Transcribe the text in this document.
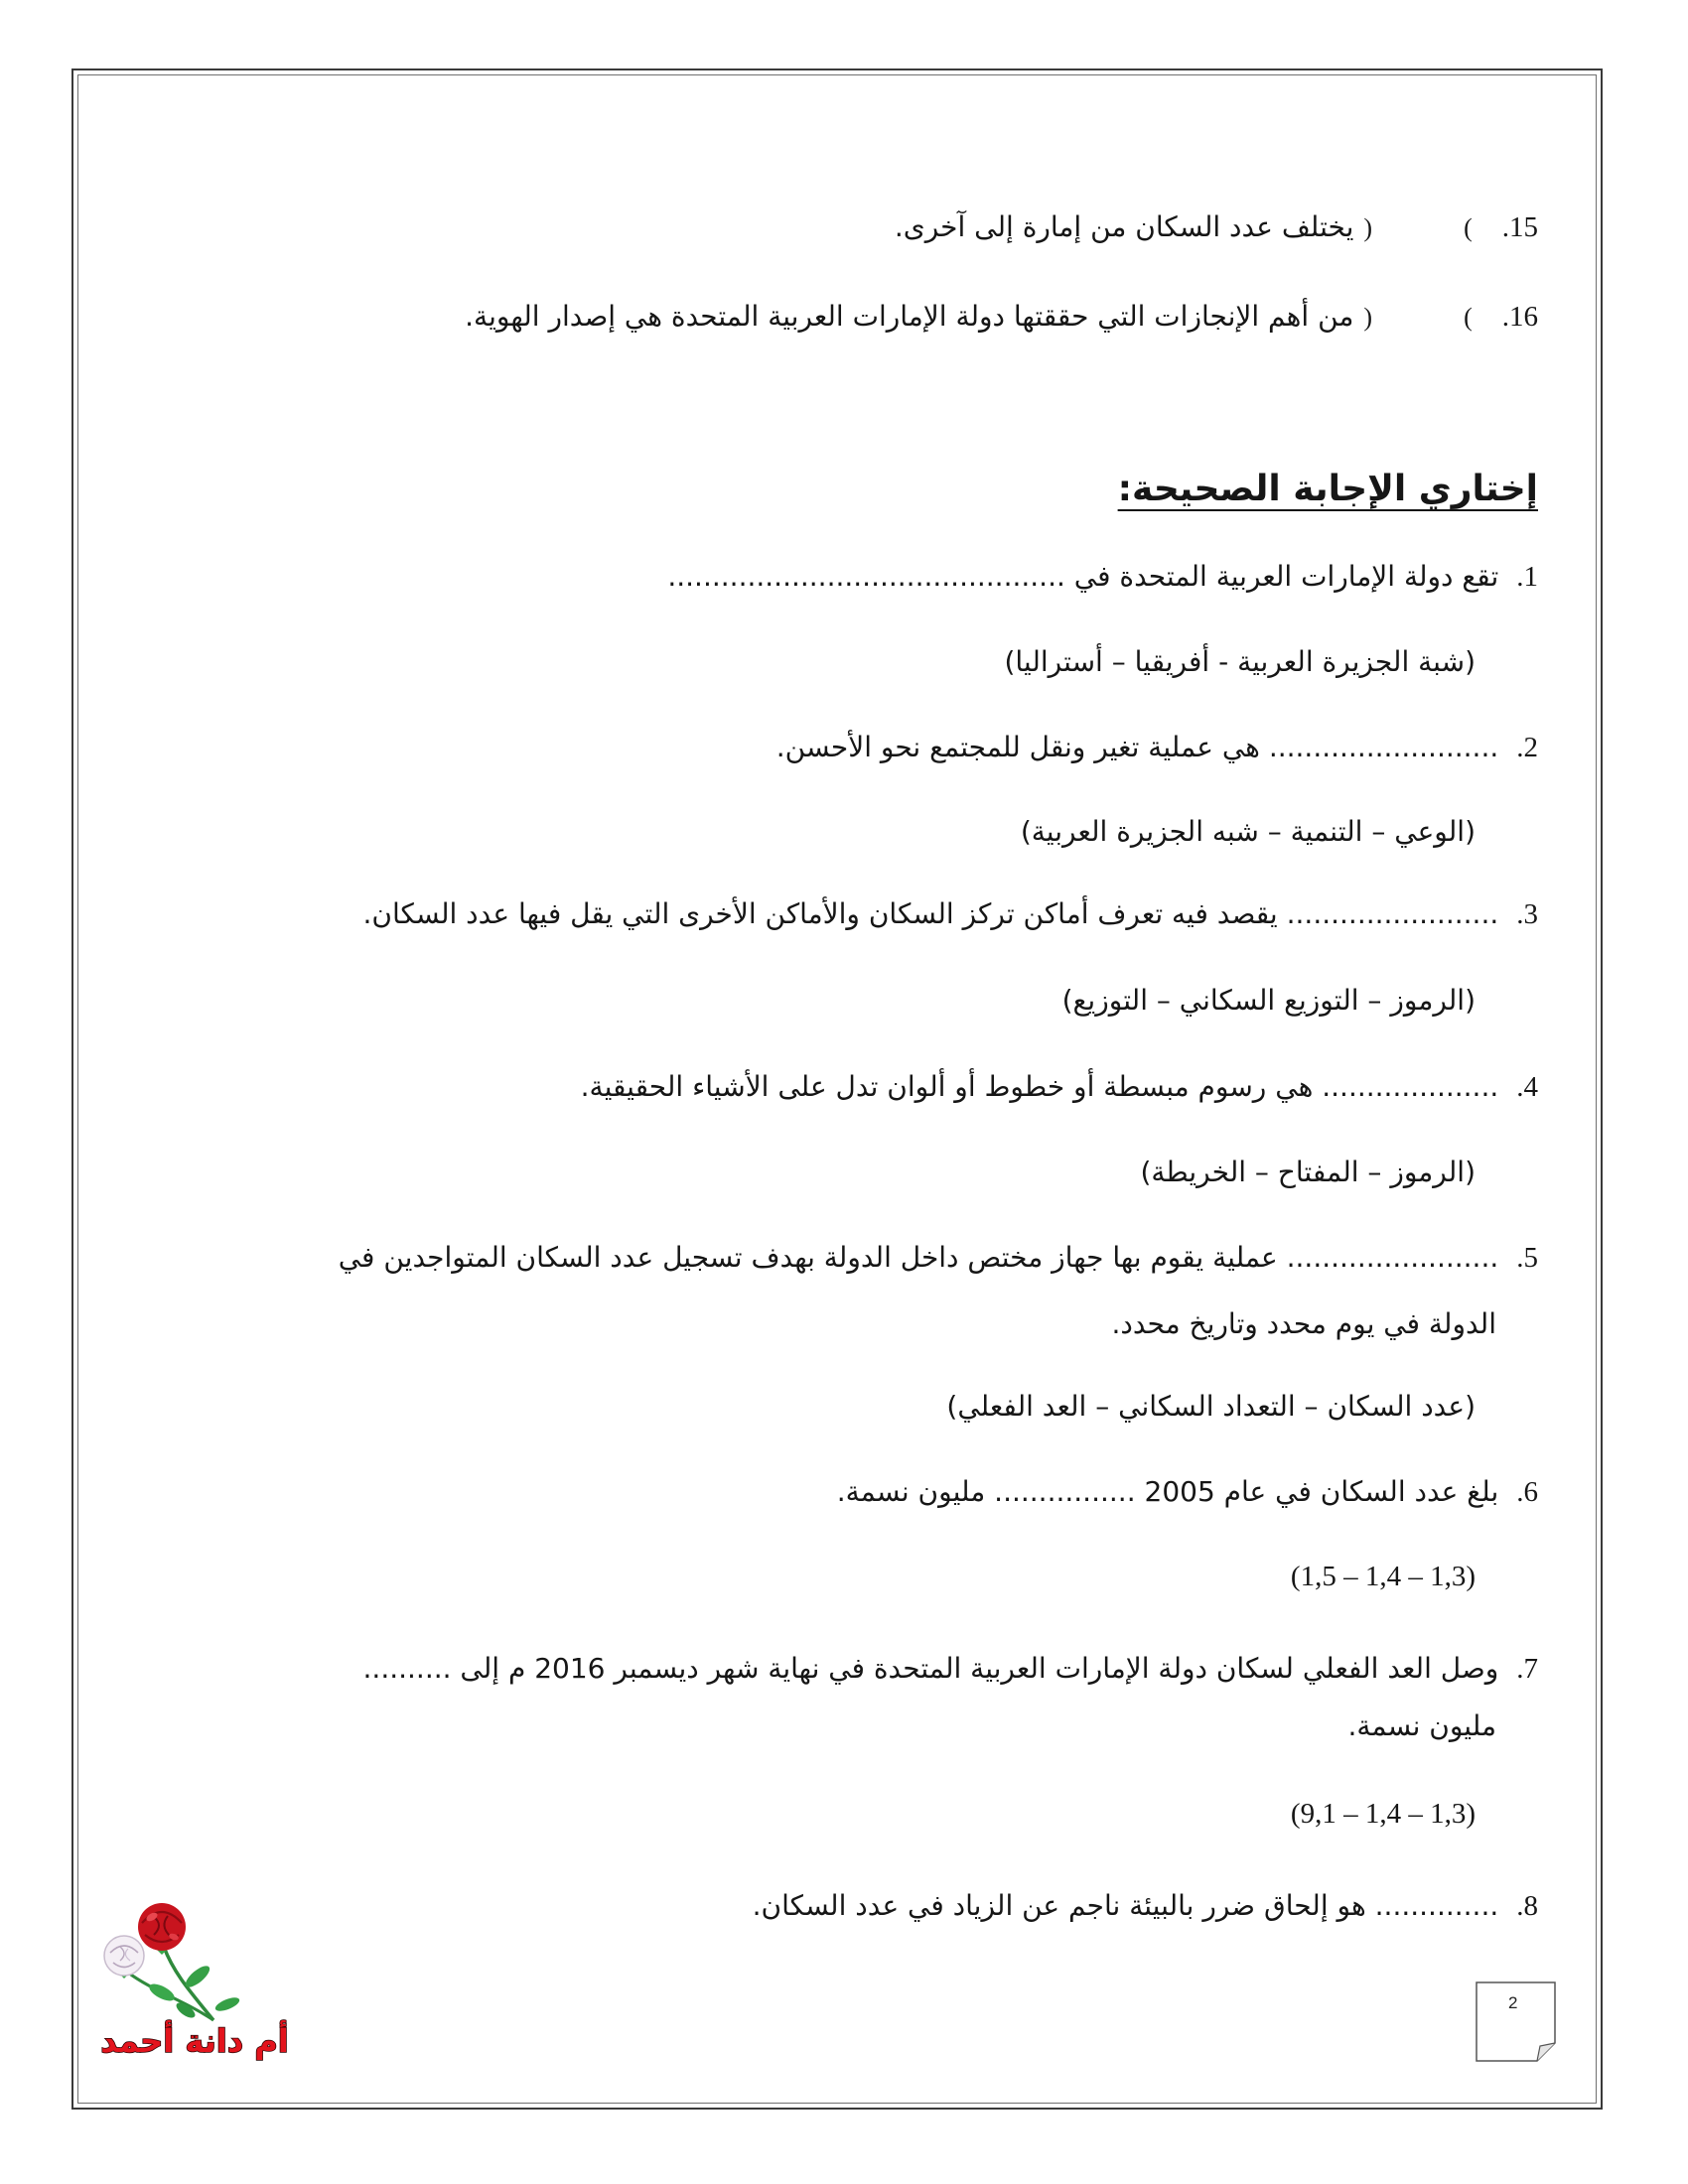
15.
(
)
يختلف عدد السكان من إمارة إلى آخرى.
16.
(
)
من أهم الإنجازات التي حققتها دولة الإمارات العربية المتحدة هي إصدار الهوية.
إختاري الإجابة الصحيحة:
1.
تقع دولة الإمارات العربية المتحدة في .............................................
(شبة الجزيرة العربية - أفريقيا – أستراليا)
2.
.......................... هي عملية تغير ونقل للمجتمع نحو الأحسن.
(الوعي – التنمية – شبه الجزيرة العربية)
3.
........................ يقصد فيه تعرف أماكن تركز السكان والأماكن الأخرى التي يقل فيها عدد السكان.
(الرموز – التوزيع السكاني – التوزيع)
4.
.................... هي رسوم مبسطة أو خطوط أو ألوان تدل على الأشياء الحقيقية.
(الرموز – المفتاح – الخريطة)
5.
........................ عملية يقوم بها جهاز مختص داخل الدولة بهدف تسجيل عدد السكان المتواجدين في
الدولة في يوم محدد وتاريخ محدد.
(عدد السكان – التعداد السكاني – العد الفعلي)
6.
بلغ عدد السكان في عام 2005 ................ مليون نسمة.
(1,5 – 1,4 – 1,3)
7.
وصل العد الفعلي لسكان دولة الإمارات العربية المتحدة في نهاية شهر ديسمبر 2016 م إلى ..........
مليون نسمة.
(9,1 – 1,4 – 1,3)
8.
.............. هو إلحاق ضرر بالبيئة ناجم عن الزياد في عدد السكان.
أم دانة أحمد
2
